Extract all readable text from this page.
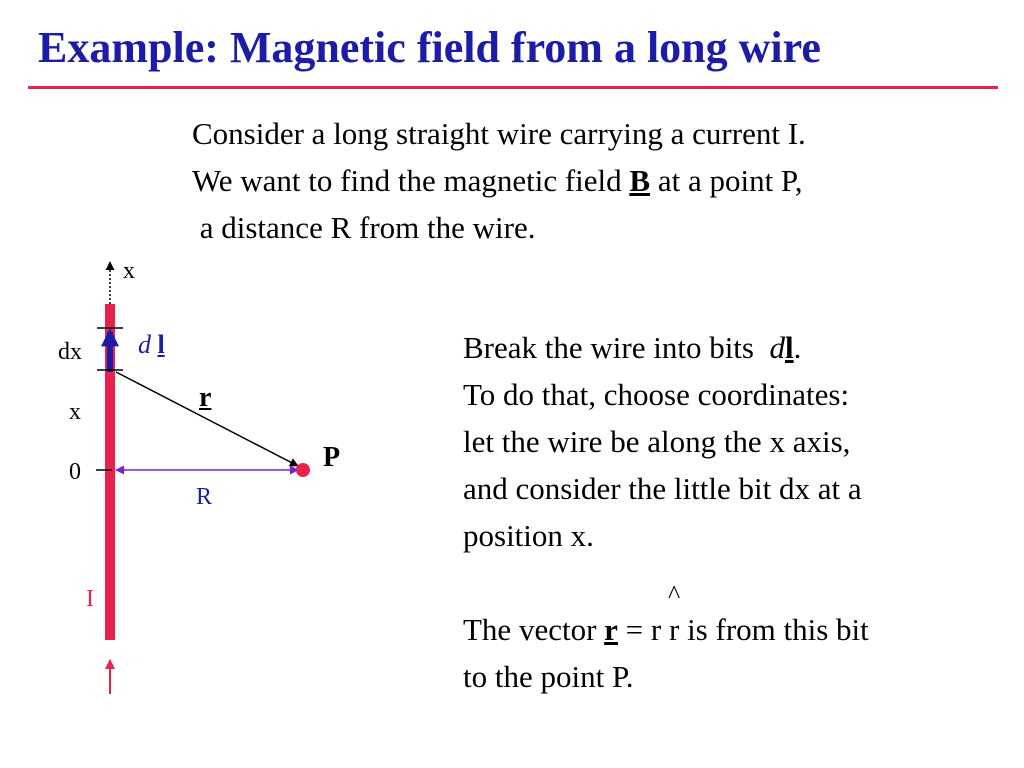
Example: Magnetic field from a long wire
Consider a long straight wire carrying a current I.
We want to find the magnetic field B at a point P,
a distance R from the wire.
Break the wire into bits  dl.
To do that, choose coordinates:
let the wire be along the x axis,
and consider the little bit dx at a
position x.

The vector r = r r
^
is from this bit
to the point P.
x
d l
dx
x	r
P
0
R
I
